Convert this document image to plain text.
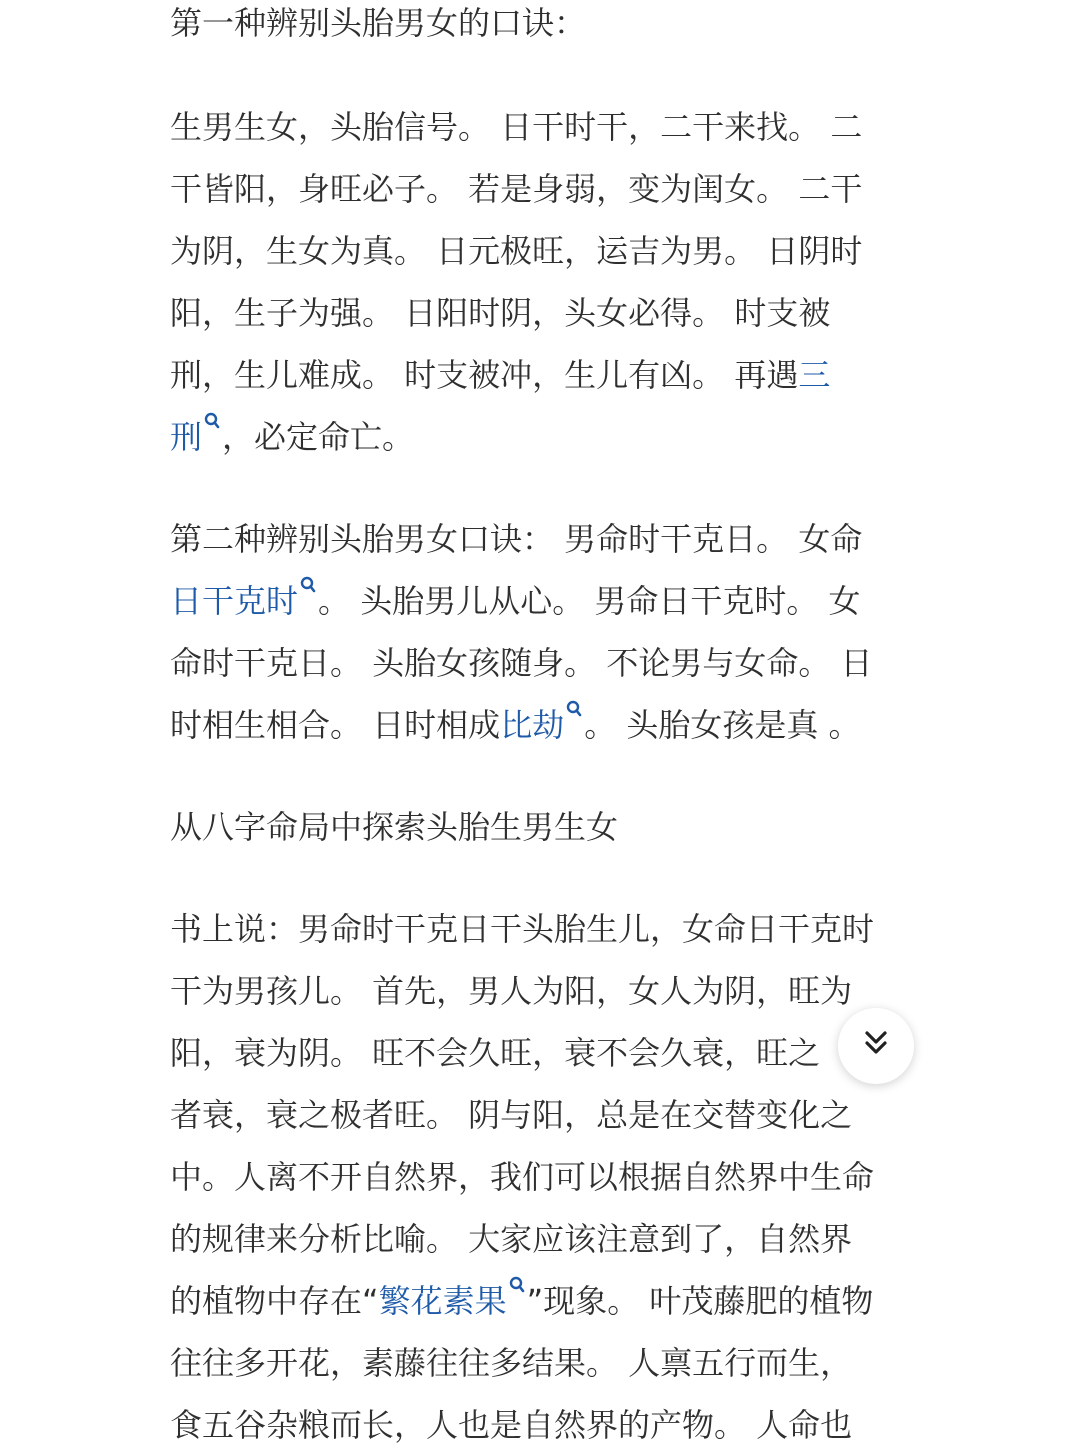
第一种辨别头胎男女的口诀：
生男生女，头胎信号。 日干时干，二干来找。 二
干皆阳，身旺必子。 若是身弱，变为闺女。 二干
为阴，生女为真。 日元极旺，运吉为男。 日阴时
阳，生子为强。 日阳时阴，头女必得。 时支被
刑，生儿难成。 时支被冲，生儿有凶。 再遇三
刑 ，必定命亡。
第二种辨别头胎男女口诀： 男命时干克日。 女命
日干克时 。 头胎男儿从心。 男命日干克时。 女
命时干克日。 头胎女孩随身。 不论男与女命。 日
时相生相合。 日时相成比劫 。 头胎女孩是真 。
从八字命局中探索头胎生男生女
书上说：男命时干克日干头胎生儿，女命日干克时
干为男孩儿。 首先，男人为阳，女人为阴，旺为
阳，衰为阴。 旺不会久旺，衰不会久衰，旺之
者衰，衰之极者旺。 阴与阳，总是在交替变化之
中。人离不开自然界，我们可以根据自然界中生命
的规律来分析比喻。 大家应该注意到了，自然界
的植物中存在“繁花素果 ”现象。 叶茂藤肥的植物
往往多开花，素藤往往多结果。 人禀五行而生，
食五谷杂粮而长，人也是自然界的产物。 人命也
